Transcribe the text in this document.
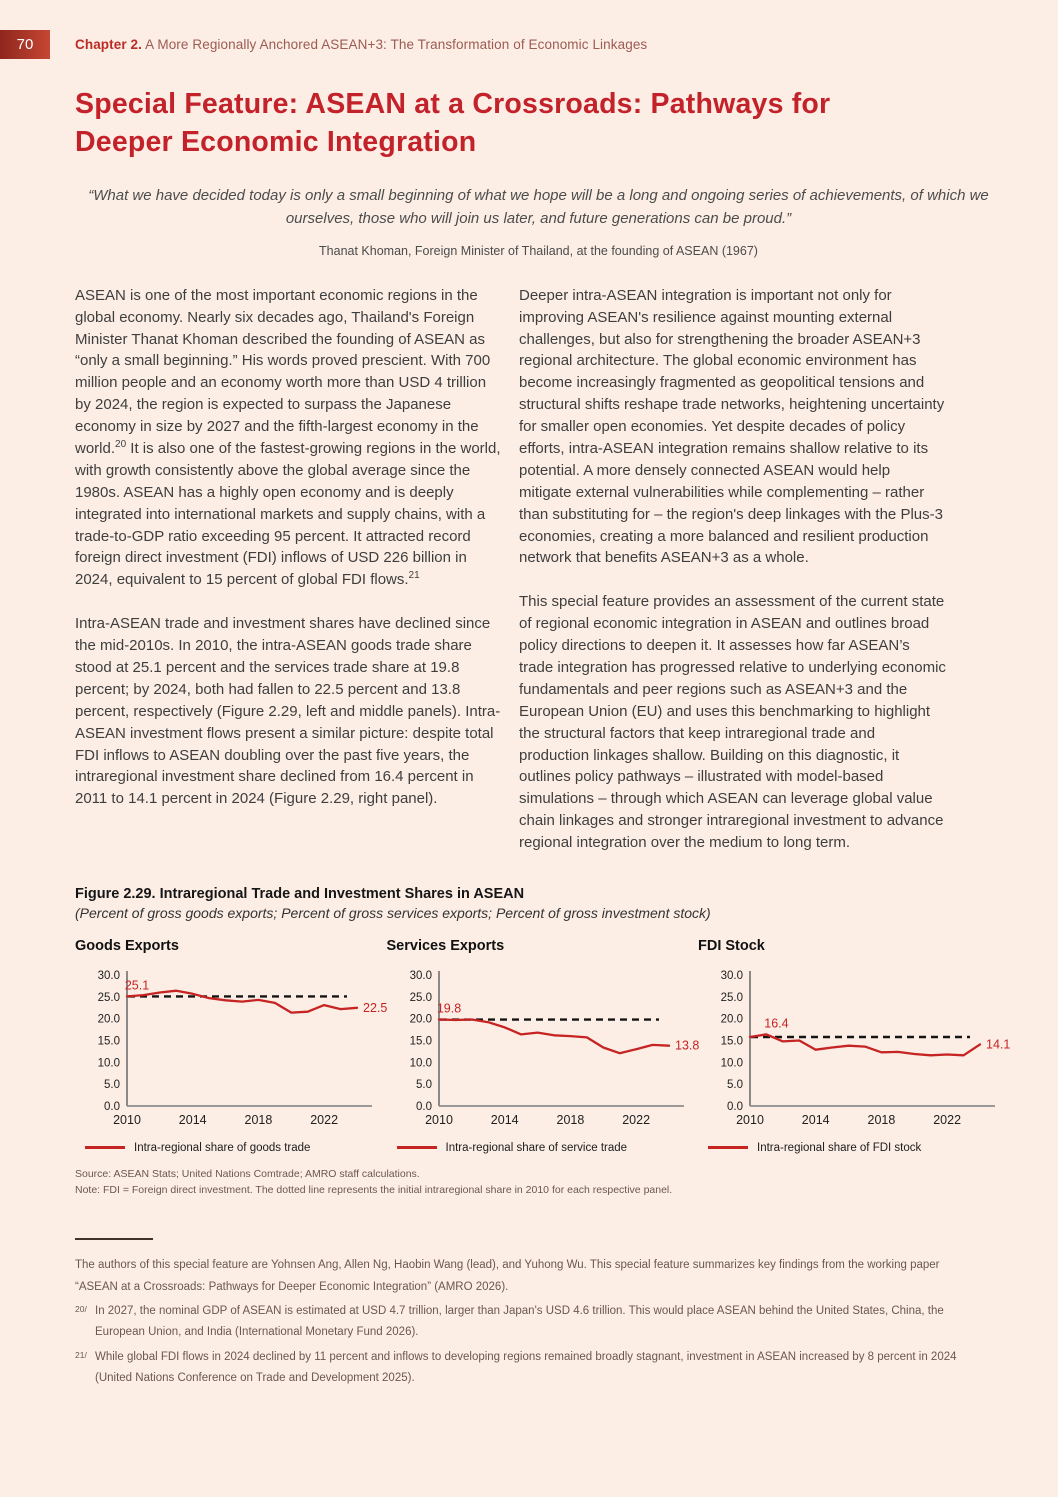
70	Chapter 2. A More Regionally Anchored ASEAN+3: The Transformation of Economic Linkages
Special Feature: ASEAN at a Crossroads: Pathways for Deeper Economic Integration

“What we have decided today is only a small beginning of what we hope will be a long and ongoing series of achievements, of which we ourselves, those who will join us later, and future generations can be proud.”

Thanat Khoman, Foreign Minister of Thailand, at the founding of ASEAN (1967)

ASEAN is one of the most important economic regions in the global economy. Nearly six decades ago, Thailand's Foreign Minister Thanat Khoman described the founding of ASEAN as “only a small beginning.” His words proved prescient. With 700 million people and an economy worth more than USD 4 trillion by 2024, the region is expected to surpass the Japanese economy in size by 2027 and the fifth-largest economy in the world.$^{20}$ It is also one of the fastest-growing regions in the world, with growth consistently above the global average since the 1980s. ASEAN has a highly open economy and is deeply integrated into international markets and supply chains, with a trade-to-GDP ratio exceeding 95 percent. It attracted record foreign direct investment (FDI) inflows of USD 226 billion in 2024, equivalent to 15 percent of global FDI flows.$^{21}$

Intra-ASEAN trade and investment shares have declined since the mid-2010s. In 2010, the intra-ASEAN goods trade share stood at 25.1 percent and the services trade share at 19.8 percent; by 2024, both had fallen to 22.5 percent and 13.8 percent, respectively (Figure 2.29, left and middle panels). Intra-ASEAN investment flows present a similar picture: despite total FDI inflows to ASEAN doubling over the past five years, the intraregional investment share declined from 16.4 percent in 2011 to 14.1 percent in 2024 (Figure 2.29, right panel).

Deeper intra-ASEAN integration is important not only for improving ASEAN's resilience against mounting external challenges, but also for strengthening the broader ASEAN+3 regional architecture. The global economic environment has become increasingly fragmented as geopolitical tensions and structural shifts reshape trade networks, heightening uncertainty for smaller open economies. Yet despite decades of policy efforts, intra-ASEAN integration remains shallow relative to its potential. A more densely connected ASEAN would help mitigate external vulnerabilities while complementing – rather than substituting for – the region's deep linkages with the Plus-3 economies, creating a more balanced and resilient production network that benefits ASEAN+3 as a whole.

This special feature provides an assessment of the current state of regional economic integration in ASEAN and outlines broad policy directions to deepen it. It assesses how far ASEAN’s trade integration has progressed relative to underlying economic fundamentals and peer regions such as ASEAN+3 and the European Union (EU) and uses this benchmarking to highlight the structural factors that keep intraregional trade and production linkages shallow. Building on this diagnostic, it outlines policy pathways – illustrated with model-based simulations – through which ASEAN can leverage global value chain linkages and stronger intraregional investment to advance regional integration over the medium to long term.

Figure 2.29. Intraregional Trade and Investment Shares in ASEAN
(Percent of gross goods exports; Percent of gross services exports; Percent of gross investment stock)
Goods Exports
0.0
5.0
10.0
15.0
20.0
25.0
30.0
2010	2014	2018	2022
25.1
22.5
Intra-regional share of goods trade
Services Exports
0.0
5.0
10.0
15.0
20.0
25.0
30.0
2010	2014	2018	2022
19.8
13.8
Intra-regional share of service trade
FDI Stock
0.0
5.0
10.0
15.0
20.0
25.0
30.0
2010	2014	2018	2022
16.4
14.1
Intra-regional share of FDI stock
Source: ASEAN Stats; United Nations Comtrade; AMRO staff calculations.
Note: FDI = Foreign direct investment. The dotted line represents the initial intraregional share in 2010 for each respective panel.

The authors of this special feature are Yohnsen Ang, Allen Ng, Haobin Wang (lead), and Yuhong Wu. This special feature summarizes key findings from the working paper “ASEAN at a Crossroads: Pathways for Deeper Economic Integration” (AMRO 2026).

20/ In 2027, the nominal GDP of ASEAN is estimated at USD 4.7 trillion, larger than Japan's USD 4.6 trillion. This would place ASEAN behind the United States, China, the European Union, and India (International Monetary Fund 2026).

21/ While global FDI flows in 2024 declined by 11 percent and inflows to developing regions remained broadly stagnant, investment in ASEAN increased by 8 percent in 2024 (United Nations Conference on Trade and Development 2025).
